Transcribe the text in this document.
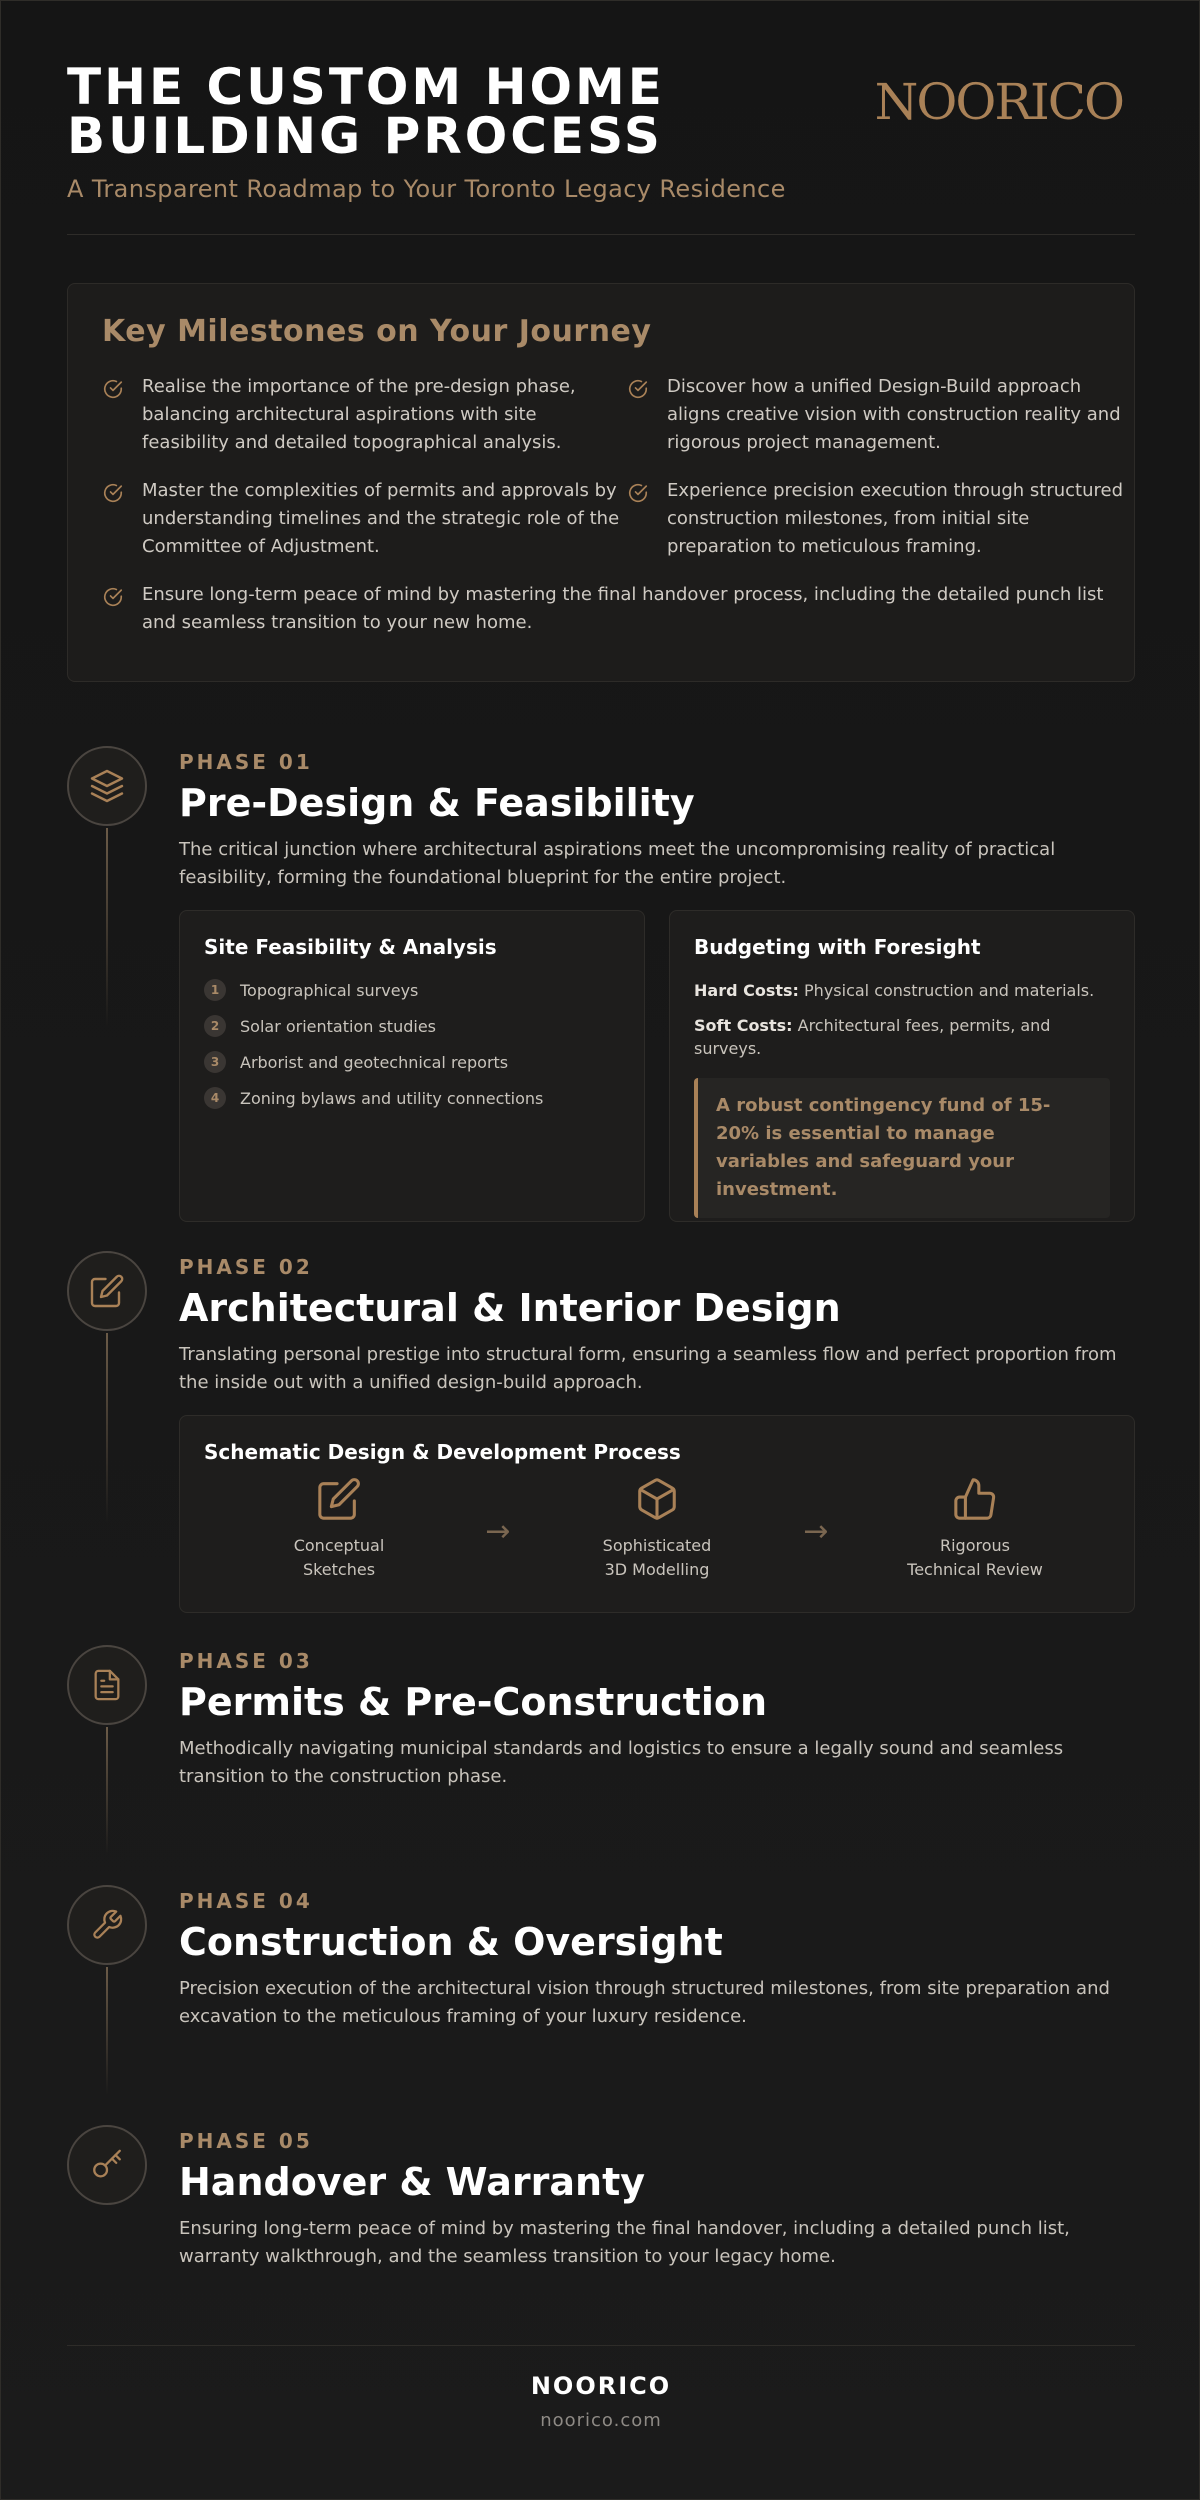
THE CUSTOM HOME BUILDING PROCESS
A Transparent Roadmap to Your Toronto Legacy Residence
NOORICO
Key Milestones on Your Journey
Realise the importance of the pre-design phase, balancing architectural aspirations with site feasibility and detailed topographical analysis.
Discover how a unified Design-Build approach aligns creative vision with construction reality and rigorous project management.
Master the complexities of permits and approvals by understanding timelines and the strategic role of the Committee of Adjustment.
Experience precision execution through structured construction milestones, from initial site preparation to meticulous framing.
Ensure long-term peace of mind by mastering the final handover process, including the detailed punch list and seamless transition to your new home.
PHASE 01
Pre-Design & Feasibility
The critical junction where architectural aspirations meet the uncompromising reality of practical feasibility, forming the foundational blueprint for the entire project.
Site Feasibility & Analysis
1	Topographical surveys
2	Solar orientation studies
3	Arborist and geotechnical reports
4	Zoning bylaws and utility connections
Budgeting with Foresight
Hard Costs: Physical construction and materials.
Soft Costs: Architectural fees, permits, and surveys.
A robust contingency fund of 15-20% is essential to manage variables and safeguard your investment.
PHASE 02
Architectural & Interior Design
Translating personal prestige into structural form, ensuring a seamless flow and perfect proportion from the inside out with a unified design-build approach.
Schematic Design & Development Process
Conceptual
Sketches
→	Sophisticated
3D Modelling
→	Rigorous
Technical Review
PHASE 03
Permits & Pre-Construction
Methodically navigating municipal standards and logistics to ensure a legally sound and seamless transition to the construction phase.
PHASE 04
Construction & Oversight
Precision execution of the architectural vision through structured milestones, from site preparation and excavation to the meticulous framing of your luxury residence.
PHASE 05
Handover & Warranty
Ensuring long-term peace of mind by mastering the final handover, including a detailed punch list, warranty walkthrough, and the seamless transition to your legacy home.
NOORICO
noorico.com
